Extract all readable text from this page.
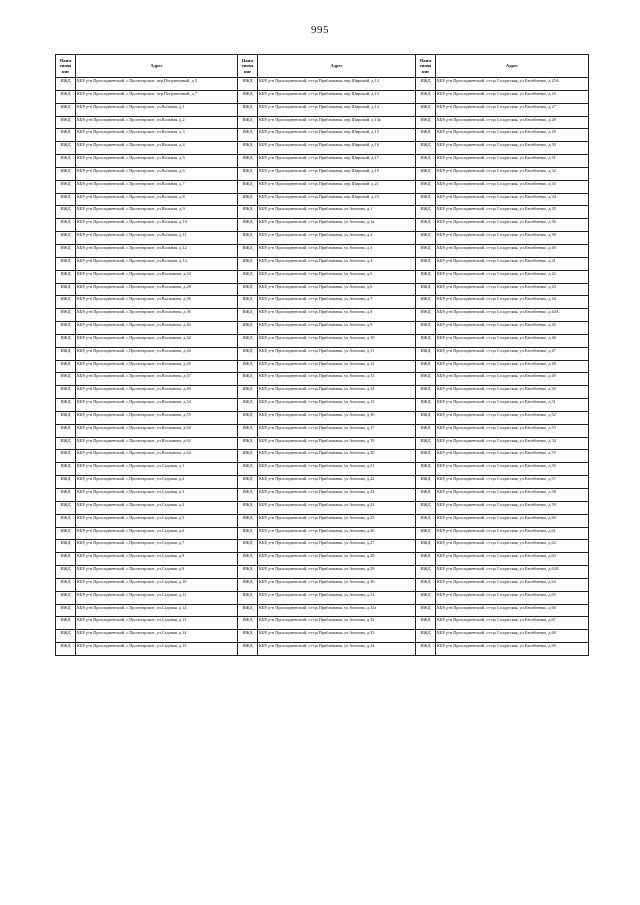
995
Наим
енова
ние	Адрес	Наим
енова
ние	Адрес	Наим
енова
ние	Адрес
ИЖД	КБР, р-н Прохладненский, с.Пролетарское, пер.Пограничный, д.5	ИЖД	КБР, р-н Прохладненский, ст-ца Приближная, пер.Широкий, д.12	ИЖД	КБР, р-н Прохладненский, ст-ца Солдатская, ул.Евсейченко, д.25А
ИЖД	КБР, р-н Прохладненский, с.Пролетарское, пер.Пограничный, д.7	ИЖД	КБР, р-н Прохладненский, ст-ца Приближная, пер.Широкий, д.13	ИЖД	КБР, р-н Прохладненский, ст-ца Солдатская, ул.Евсейченко, д.26
ИЖД	КБР, р-н Прохладненский, с.Пролетарское, ул.Вольная, д.1	ИЖД	КБР, р-н Прохладненский, ст-ца Приближная, пер.Широкий, д.14	ИЖД	КБР, р-н Прохладненский, ст-ца Солдатская, ул.Евсейченко, д.27
ИЖД	КБР, р-н Прохладненский, с.Пролетарское, ул.Вольная, д.2	ИЖД	КБР, р-н Прохладненский, ст-ца Приближная, пер.Широкий, д.14а	ИЖД	КБР, р-н Прохладненский, ст-ца Солдатская, ул.Евсейченко, д.28
ИЖД	КБР, р-н Прохладненский, с.Пролетарское, ул.Вольная, д.3	ИЖД	КБР, р-н Прохладненский, ст-ца Приближная, пер.Широкий, д.15	ИЖД	КБР, р-н Прохладненский, ст-ца Солдатская, ул.Евсейченко, д.29
ИЖД	КБР, р-н Прохладненский, с.Пролетарское, ул.Вольная, д.4	ИЖД	КБР, р-н Прохладненский, ст-ца Приближная, пер.Широкий, д.16	ИЖД	КБР, р-н Прохладненский, ст-ца Солдатская, ул.Евсейченко, д.30
ИЖД	КБР, р-н Прохладненский, с.Пролетарское, ул.Вольная, д.5	ИЖД	КБР, р-н Прохладненский, ст-ца Приближная, пер.Широкий, д.17	ИЖД	КБР, р-н Прохладненский, ст-ца Солдатская, ул.Евсейченко, д.31
ИЖД	КБР, р-н Прохладненский, с.Пролетарское, ул.Вольная, д.6	ИЖД	КБР, р-н Прохладненский, ст-ца Приближная, пер.Широкий, д.19	ИЖД	КБР, р-н Прохладненский, ст-ца Солдатская, ул.Евсейченко, д.32
ИЖД	КБР, р-н Прохладненский, с.Пролетарское, ул.Вольная, д.7	ИЖД	КБР, р-н Прохладненский, ст-ца Приближная, пер.Широкий, д.21	ИЖД	КБР, р-н Прохладненский, ст-ца Солдатская, ул.Евсейченко, д.33
ИЖД	КБР, р-н Прохладненский, с.Пролетарское, ул.Вольная, д.8	ИЖД	КБР, р-н Прохладненский, ст-ца Приближная, пер.Широкий, д.23	ИЖД	КБР, р-н Прохладненский, ст-ца Солдатская, ул.Евсейченко, д.34
ИЖД	КБР, р-н Прохладненский, с.Пролетарское, ул.Вольная, д.9	ИЖД	КБР, р-н Прохладненский, ст-ца Приближная, ул.Анохова, д.1	ИЖД	КБР, р-н Прохладненский, ст-ца Солдатская, ул.Евсейченко, д.35
ИЖД	КБР, р-н Прохладненский, с.Пролетарское, ул.Вольная, д.10	ИЖД	КБР, р-н Прохладненский, ст-ца Приближная, ул.Анохова, д.1а	ИЖД	КБР, р-н Прохладненский, ст-ца Солдатская, ул.Евсейченко, д.36
ИЖД	КБР, р-н Прохладненский, с.Пролетарское, ул.Вольная, д.11	ИЖД	КБР, р-н Прохладненский, ст-ца Приближная, ул.Анохова, д.2	ИЖД	КБР, р-н Прохладненский, ст-ца Солдатская, ул.Евсейченко, д.38
ИЖД	КБР, р-н Прохладненский, с.Пролетарское, ул.Вольная, д.12	ИЖД	КБР, р-н Прохладненский, ст-ца Приближная, ул.Анохова, д.3	ИЖД	КБР, р-н Прохладненский, ст-ца Солдатская, ул.Евсейченко, д.40
ИЖД	КБР, р-н Прохладненский, с.Пролетарское, ул.Вольная, д.14	ИЖД	КБР, р-н Прохладненский, ст-ца Приближная, ул.Анохова, д.4	ИЖД	КБР, р-н Прохладненский, ст-ца Солдатская, ул.Евсейченко, д.41
ИЖД	КБР, р-н Прохладненский, с.Пролетарское, ул.Восканова, д.24	ИЖД	КБР, р-н Прохладненский, ст-ца Приближная, ул.Анохова, д.5	ИЖД	КБР, р-н Прохладненский, ст-ца Солдатская, ул.Евсейченко, д.42
ИЖД	КБР, р-н Прохладненский, с.Пролетарское, ул.Восканова, д.28	ИЖД	КБР, р-н Прохладненский, ст-ца Приближная, ул.Анохова, д.6	ИЖД	КБР, р-н Прохладненский, ст-ца Солдатская, ул.Евсейченко, д.43
ИЖД	КБР, р-н Прохладненский, с.Пролетарское, ул.Восканова, д.30	ИЖД	КБР, р-н Прохладненский, ст-ца Приближная, ул.Анохова, д.7	ИЖД	КБР, р-н Прохладненский, ст-ца Солдатская, ул.Евсейченко, д.44
ИЖД	КБР, р-н Прохладненский, с.Пролетарское, ул.Восканова, д.36	ИЖД	КБР, р-н Прохладненский, ст-ца Приближная, ул.Анохова, д.8	ИЖД	КБР, р-н Прохладненский, ст-ца Солдатская, ул.Евсейченко, д.44А
ИЖД	КБР, р-н Прохладненский, с.Пролетарское, ул.Восканова, д.40	ИЖД	КБР, р-н Прохладненский, ст-ца Приближная, ул.Анохова, д.9	ИЖД	КБР, р-н Прохладненский, ст-ца Солдатская, ул.Евсейченко, д.45
ИЖД	КБР, р-н Прохладненский, с.Пролетарское, ул.Восканова, д.42	ИЖД	КБР, р-н Прохладненский, ст-ца Приближная, ул.Анохова, д.10	ИЖД	КБР, р-н Прохладненский, ст-ца Солдатская, ул.Евсейченко, д.46
ИЖД	КБР, р-н Прохладненский, с.Пролетарское, ул.Восканова, д.44	ИЖД	КБР, р-н Прохладненский, ст-ца Приближная, ул.Анохова, д.11	ИЖД	КБР, р-н Прохладненский, ст-ца Солдатская, ул.Евсейченко, д.47
ИЖД	КБР, р-н Прохладненский, с.Пролетарское, ул.Восканова, д.45	ИЖД	КБР, р-н Прохладненский, ст-ца Приближная, ул.Анохова, д.12	ИЖД	КБР, р-н Прохладненский, ст-ца Солдатская, ул.Евсейченко, д.48
ИЖД	КБР, р-н Прохладненский, с.Пролетарское, ул.Восканова, д.47	ИЖД	КБР, р-н Прохладненский, ст-ца Приближная, ул.Анохова, д.13	ИЖД	КБР, р-н Прохладненский, ст-ца Солдатская, ул.Евсейченко, д.49
ИЖД	КБР, р-н Прохладненский, с.Пролетарское, ул.Восканова, д.49	ИЖД	КБР, р-н Прохладненский, ст-ца Приближная, ул.Анохова, д.14	ИЖД	КБР, р-н Прохладненский, ст-ца Солдатская, ул.Евсейченко, д.50
ИЖД	КБР, р-н Прохладненский, с.Пролетарское, ул.Восканова, д.54	ИЖД	КБР, р-н Прохладненский, ст-ца Приближная, ул.Анохова, д.15	ИЖД	КБР, р-н Прохладненский, ст-ца Солдатская, ул.Евсейченко, д.51
ИЖД	КБР, р-н Прохладненский, с.Пролетарское, ул.Восканова, д.55	ИЖД	КБР, р-н Прохладненский, ст-ца Приближная, ул.Анохова, д.16	ИЖД	КБР, р-н Прохладненский, ст-ца Солдатская, ул.Евсейченко, д.52
ИЖД	КБР, р-н Прохладненский, с.Пролетарское, ул.Восканова, д.60	ИЖД	КБР, р-н Прохладненский, ст-ца Приближная, ул.Анохова, д.17	ИЖД	КБР, р-н Прохладненский, ст-ца Солдатская, ул.Евсейченко, д.53
ИЖД	КБР, р-н Прохладненский, с.Пролетарское, ул.Восканова, д.62	ИЖД	КБР, р-н Прохладненский, ст-ца Приближная, ул.Анохова, д.19	ИЖД	КБР, р-н Прохладненский, ст-ца Солдатская, ул.Евсейченко, д.54
ИЖД	КБР, р-н Прохладненский, с.Пролетарское, ул.Восканова, д.64	ИЖД	КБР, р-н Прохладненский, ст-ца Приближная, ул.Анохова, д.20	ИЖД	КБР, р-н Прохладненский, ст-ца Солдатская, ул.Евсейченко, д.55
ИЖД	КБР, р-н Прохладненский, с.Пролетарское, ул.Садовая, д.1	ИЖД	КБР, р-н Прохладненский, ст-ца Приближная, ул.Анохова, д.21	ИЖД	КБР, р-н Прохладненский, ст-ца Солдатская, ул.Евсейченко, д.56
ИЖД	КБР, р-н Прохладненский, с.Пролетарское, ул.Садовая, д.2	ИЖД	КБР, р-н Прохладненский, ст-ца Приближная, ул.Анохова, д.22	ИЖД	КБР, р-н Прохладненский, ст-ца Солдатская, ул.Евсейченко, д.57
ИЖД	КБР, р-н Прохладненский, с.Пролетарское, ул.Садовая, д.3	ИЖД	КБР, р-н Прохладненский, ст-ца Приближная, ул.Анохова, д.23	ИЖД	КБР, р-н Прохладненский, ст-ца Солдатская, ул.Евсейченко, д.58
ИЖД	КБР, р-н Прохладненский, с.Пролетарское, ул.Садовая, д.4	ИЖД	КБР, р-н Прохладненский, ст-ца Приближная, ул.Анохова, д.24	ИЖД	КБР, р-н Прохладненский, ст-ца Солдатская, ул.Евсейченко, д.59
ИЖД	КБР, р-н Прохладненский, с.Пролетарское, ул.Садовая, д.5	ИЖД	КБР, р-н Прохладненский, ст-ца Приближная, ул.Анохова, д.25	ИЖД	КБР, р-н Прохладненский, ст-ца Солдатская, ул.Евсейченко, д.60
ИЖД	КБР, р-н Прохладненский, с.Пролетарское, ул.Садовая, д.6	ИЖД	КБР, р-н Прохладненский, ст-ца Приближная, ул.Анохова, д.26	ИЖД	КБР, р-н Прохладненский, ст-ца Солдатская, ул.Евсейченко, д.61
ИЖД	КБР, р-н Прохладненский, с.Пролетарское, ул.Садовая, д.7	ИЖД	КБР, р-н Прохладненский, ст-ца Приближная, ул.Анохова, д.27	ИЖД	КБР, р-н Прохладненский, ст-ца Солдатская, ул.Евсейченко, д.62
ИЖД	КБР, р-н Прохладненский, с.Пролетарское, ул.Садовая, д.8	ИЖД	КБР, р-н Прохладненский, ст-ца Приближная, ул.Анохова, д.28	ИЖД	КБР, р-н Прохладненский, ст-ца Солдатская, ул.Евсейченко, д.63
ИЖД	КБР, р-н Прохладненский, с.Пролетарское, ул.Садовая, д.9	ИЖД	КБР, р-н Прохладненский, ст-ца Приближная, ул.Анохова, д.29	ИЖД	КБР, р-н Прохладненский, ст-ца Солдатская, ул.Евсейченко, д.63А
ИЖД	КБР, р-н Прохладненский, с.Пролетарское, ул.Садовая, д.10	ИЖД	КБР, р-н Прохладненский, ст-ца Приближная, ул.Анохова, д.30	ИЖД	КБР, р-н Прохладненский, ст-ца Солдатская, ул.Евсейченко, д.64
ИЖД	КБР, р-н Прохладненский, с.Пролетарское, ул.Садовая, д.11	ИЖД	КБР, р-н Прохладненский, ст-ца Приближная, ул.Анохова, д.31	ИЖД	КБР, р-н Прохладненский, ст-ца Солдатская, ул.Евсейченко, д.65
ИЖД	КБР, р-н Прохладненский, с.Пролетарское, ул.Садовая, д.12	ИЖД	КБР, р-н Прохладненский, ст-ца Приближная, ул.Анохова, д.31а	ИЖД	КБР, р-н Прохладненский, ст-ца Солдатская, ул.Евсейченко, д.66
ИЖД	КБР, р-н Прохладненский, с.Пролетарское, ул.Садовая, д.13	ИЖД	КБР, р-н Прохладненский, ст-ца Приближная, ул.Анохова, д.32	ИЖД	КБР, р-н Прохладненский, ст-ца Солдатская, ул.Евсейченко, д.67
ИЖД	КБР, р-н Прохладненский, с.Пролетарское, ул.Садовая, д.14	ИЖД	КБР, р-н Прохладненский, ст-ца Приближная, ул.Анохова, д.33	ИЖД	КБР, р-н Прохладненский, ст-ца Солдатская, ул.Евсейченко, д.68
ИЖД	КБР, р-н Прохладненский, с.Пролетарское, ул.Садовая, д.15	ИЖД	КБР, р-н Прохладненский, ст-ца Приближная, ул.Анохова, д.34	ИЖД	КБР, р-н Прохладненский, ст-ца Солдатская, ул.Евсейченко, д.69
